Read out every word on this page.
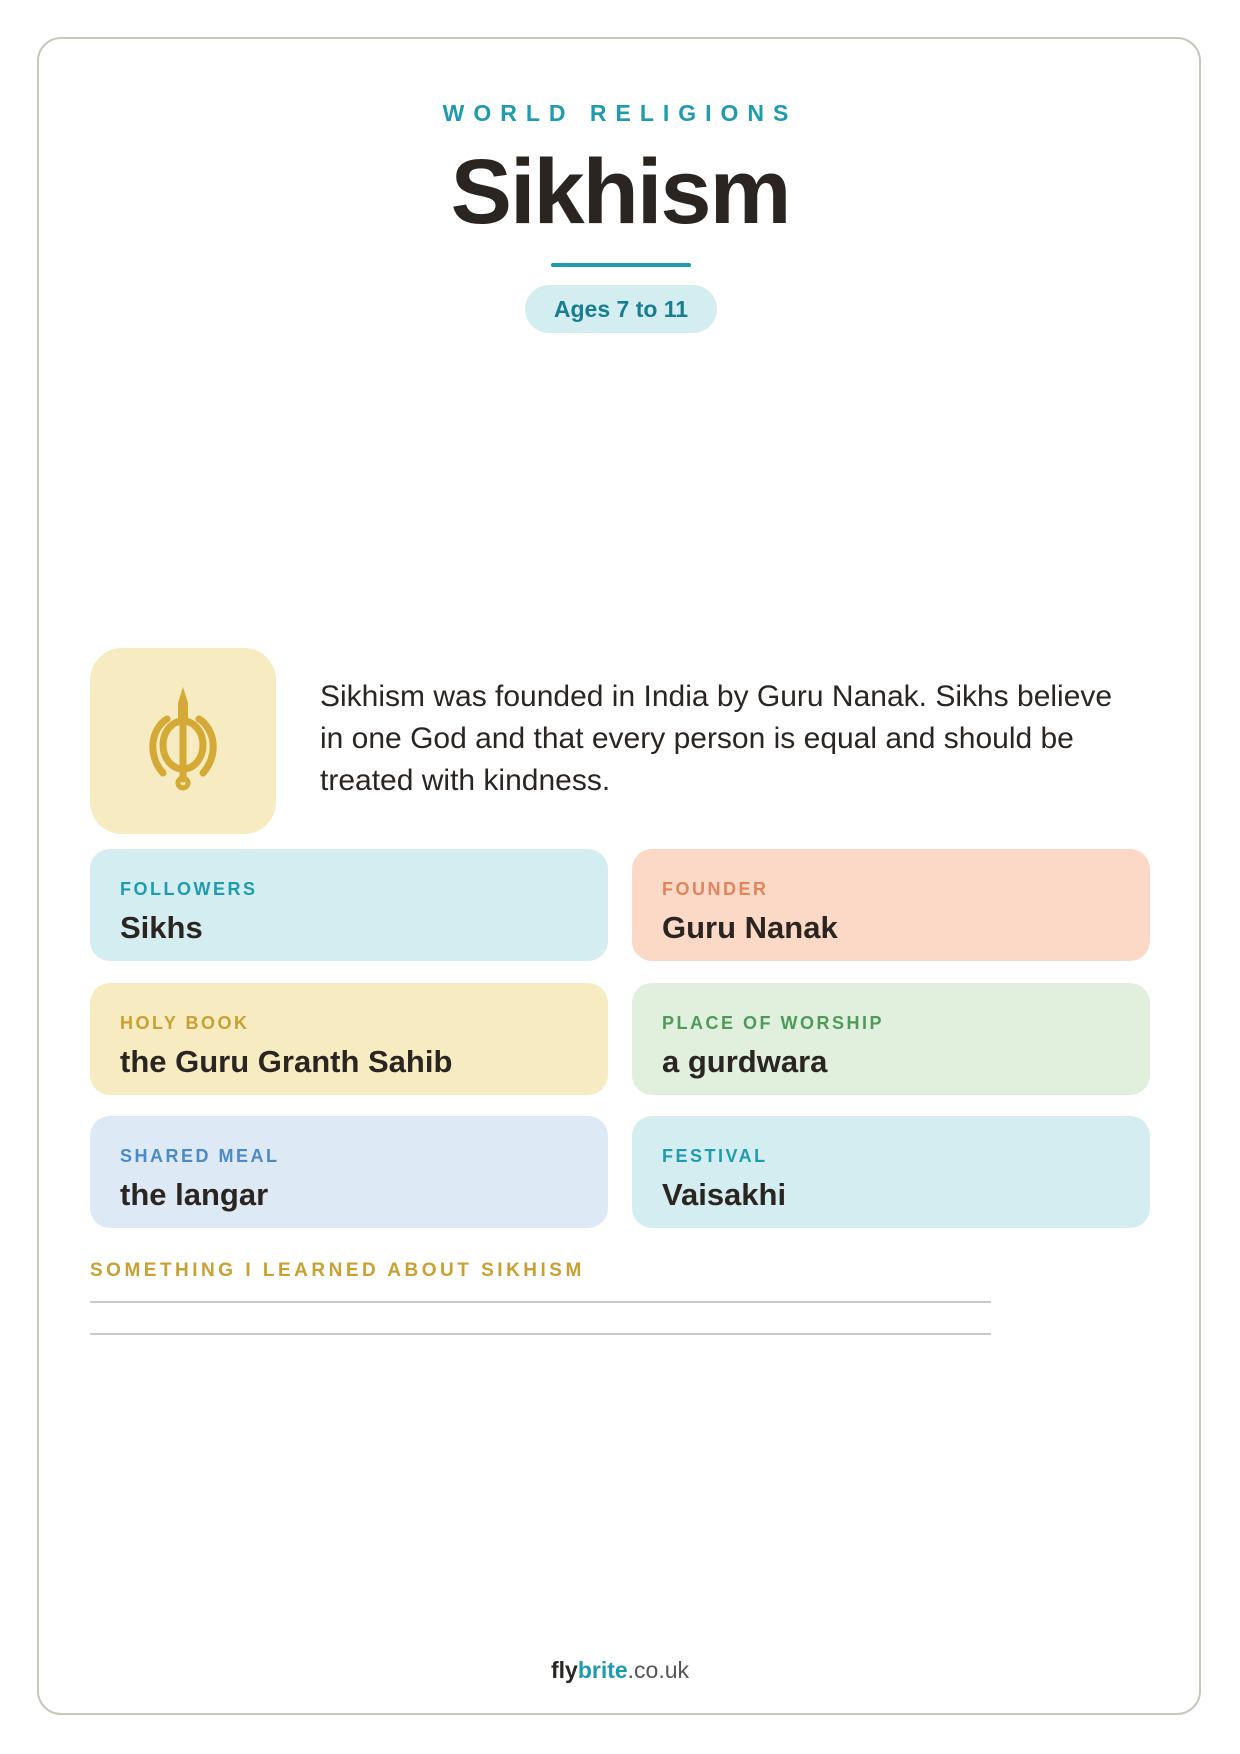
WORLD RELIGIONS
Sikhism
Ages 7 to 11
Sikhism was founded in India by Guru Nanak. Sikhs believe in one God and that every person is equal and should be treated with kindness.
FOLLOWERS
Sikhs
FOUNDER
Guru Nanak
HOLY BOOK
the Guru Granth Sahib
PLACE OF WORSHIP
a gurdwara
SHARED MEAL
the langar
FESTIVAL
Vaisakhi
SOMETHING I LEARNED ABOUT SIKHISM
flybrite.co.uk
